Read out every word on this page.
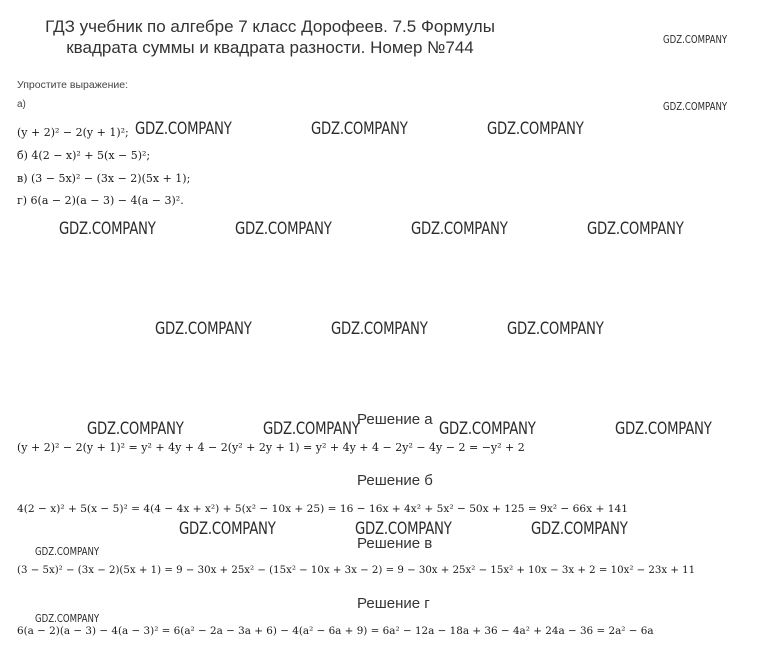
ГДЗ учебник по алгебре 7 класс Дорофеев. 7.5 Формулы
квадрата суммы и квадрата разности. Номер №744
Упростите выражение:
а)
(y + 2)² − 2(y + 1)²;
б) 4(2 − x)² + 5(x − 5)²;
в) (3 − 5x)² − (3x − 2)(5x + 1);
г) 6(a − 2)(a − 3) − 4(a − 3)².
Решение а
(y + 2)² − 2(y + 1)² = y² + 4y + 4 − 2(y² + 2y + 1) = y² + 4y + 4 − 2y² − 4y − 2 = −y² + 2
Решение б
4(2 − x)² + 5(x − 5)² = 4(4 − 4x + x²) + 5(x² − 10x + 25) = 16 − 16x + 4x² + 5x² − 50x + 125 = 9x² − 66x + 141
Решение в
(3 − 5x)² − (3x − 2)(5x + 1) = 9 − 30x + 25x² − (15x² − 10x + 3x − 2) = 9 − 30x + 25x² − 15x² + 10x − 3x + 2 = 10x² − 23x + 11
Решение г
6(a − 2)(a − 3) − 4(a − 3)² = 6(a² − 2a − 3a + 6) − 4(a² − 6a + 9) = 6a² − 12a − 18a + 36 − 4a² + 24a − 36 = 2a² − 6a
GDZ.COMPANY
GDZ.COMPANY
GDZ.COMPANY	GDZ.COMPANY	GDZ.COMPANY
GDZ.COMPANY	GDZ.COMPANY	GDZ.COMPANY	GDZ.COMPANY
GDZ.COMPANY	GDZ.COMPANY	GDZ.COMPANY
GDZ.COMPANY	GDZ.COMPANY	GDZ.COMPANY	GDZ.COMPANY
GDZ.COMPANY	GDZ.COMPANY	GDZ.COMPANY
GDZ.COMPANY
GDZ.COMPANY
